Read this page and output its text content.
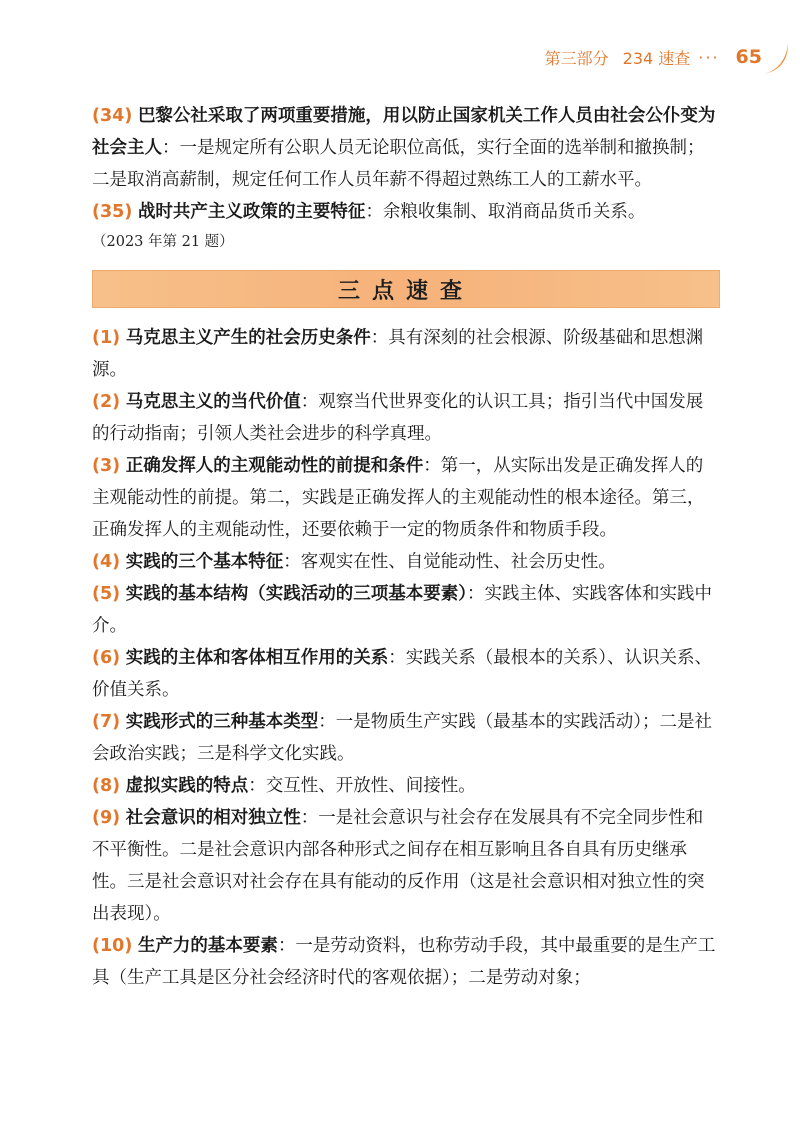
第三部分 234 速查 ··· 65

(34) 巴黎公社采取了两项重要措施，用以防止国家机关工作人员由社会公仆变为社会主人：一是规定所有公职人员无论职位高低，实行全面的选举制和撤换制；二是取消高薪制，规定任何工作人员年薪不得超过熟练工人的工薪水平。

(35) 战时共产主义政策的主要特征：余粮收集制、取消商品货币关系。

（2023 年第 21 题）

三点速查

(1) 马克思主义产生的社会历史条件：具有深刻的社会根源、阶级基础和思想渊源。

(2) 马克思主义的当代价值：观察当代世界变化的认识工具；指引当代中国发展的行动指南；引领人类社会进步的科学真理。

(3) 正确发挥人的主观能动性的前提和条件：第一，从实际出发是正确发挥人的主观能动性的前提。第二，实践是正确发挥人的主观能动性的根本途径。第三，正确发挥人的主观能动性，还要依赖于一定的物质条件和物质手段。

(4) 实践的三个基本特征：客观实在性、自觉能动性、社会历史性。

(5) 实践的基本结构（实践活动的三项基本要素）：实践主体、实践客体和实践中介。

(6) 实践的主体和客体相互作用的关系：实践关系（最根本的关系）、认识关系、价值关系。

(7) 实践形式的三种基本类型：一是物质生产实践（最基本的实践活动）；二是社会政治实践；三是科学文化实践。

(8) 虚拟实践的特点：交互性、开放性、间接性。

(9) 社会意识的相对独立性：一是社会意识与社会存在发展具有不完全同步性和不平衡性。二是社会意识内部各种形式之间存在相互影响且各自具有历史继承性。三是社会意识对社会存在具有能动的反作用（这是社会意识相对独立性的突出表现）。

(10) 生产力的基本要素：一是劳动资料，也称劳动手段，其中最重要的是生产工具（生产工具是区分社会经济时代的客观依据）；二是劳动对象；
